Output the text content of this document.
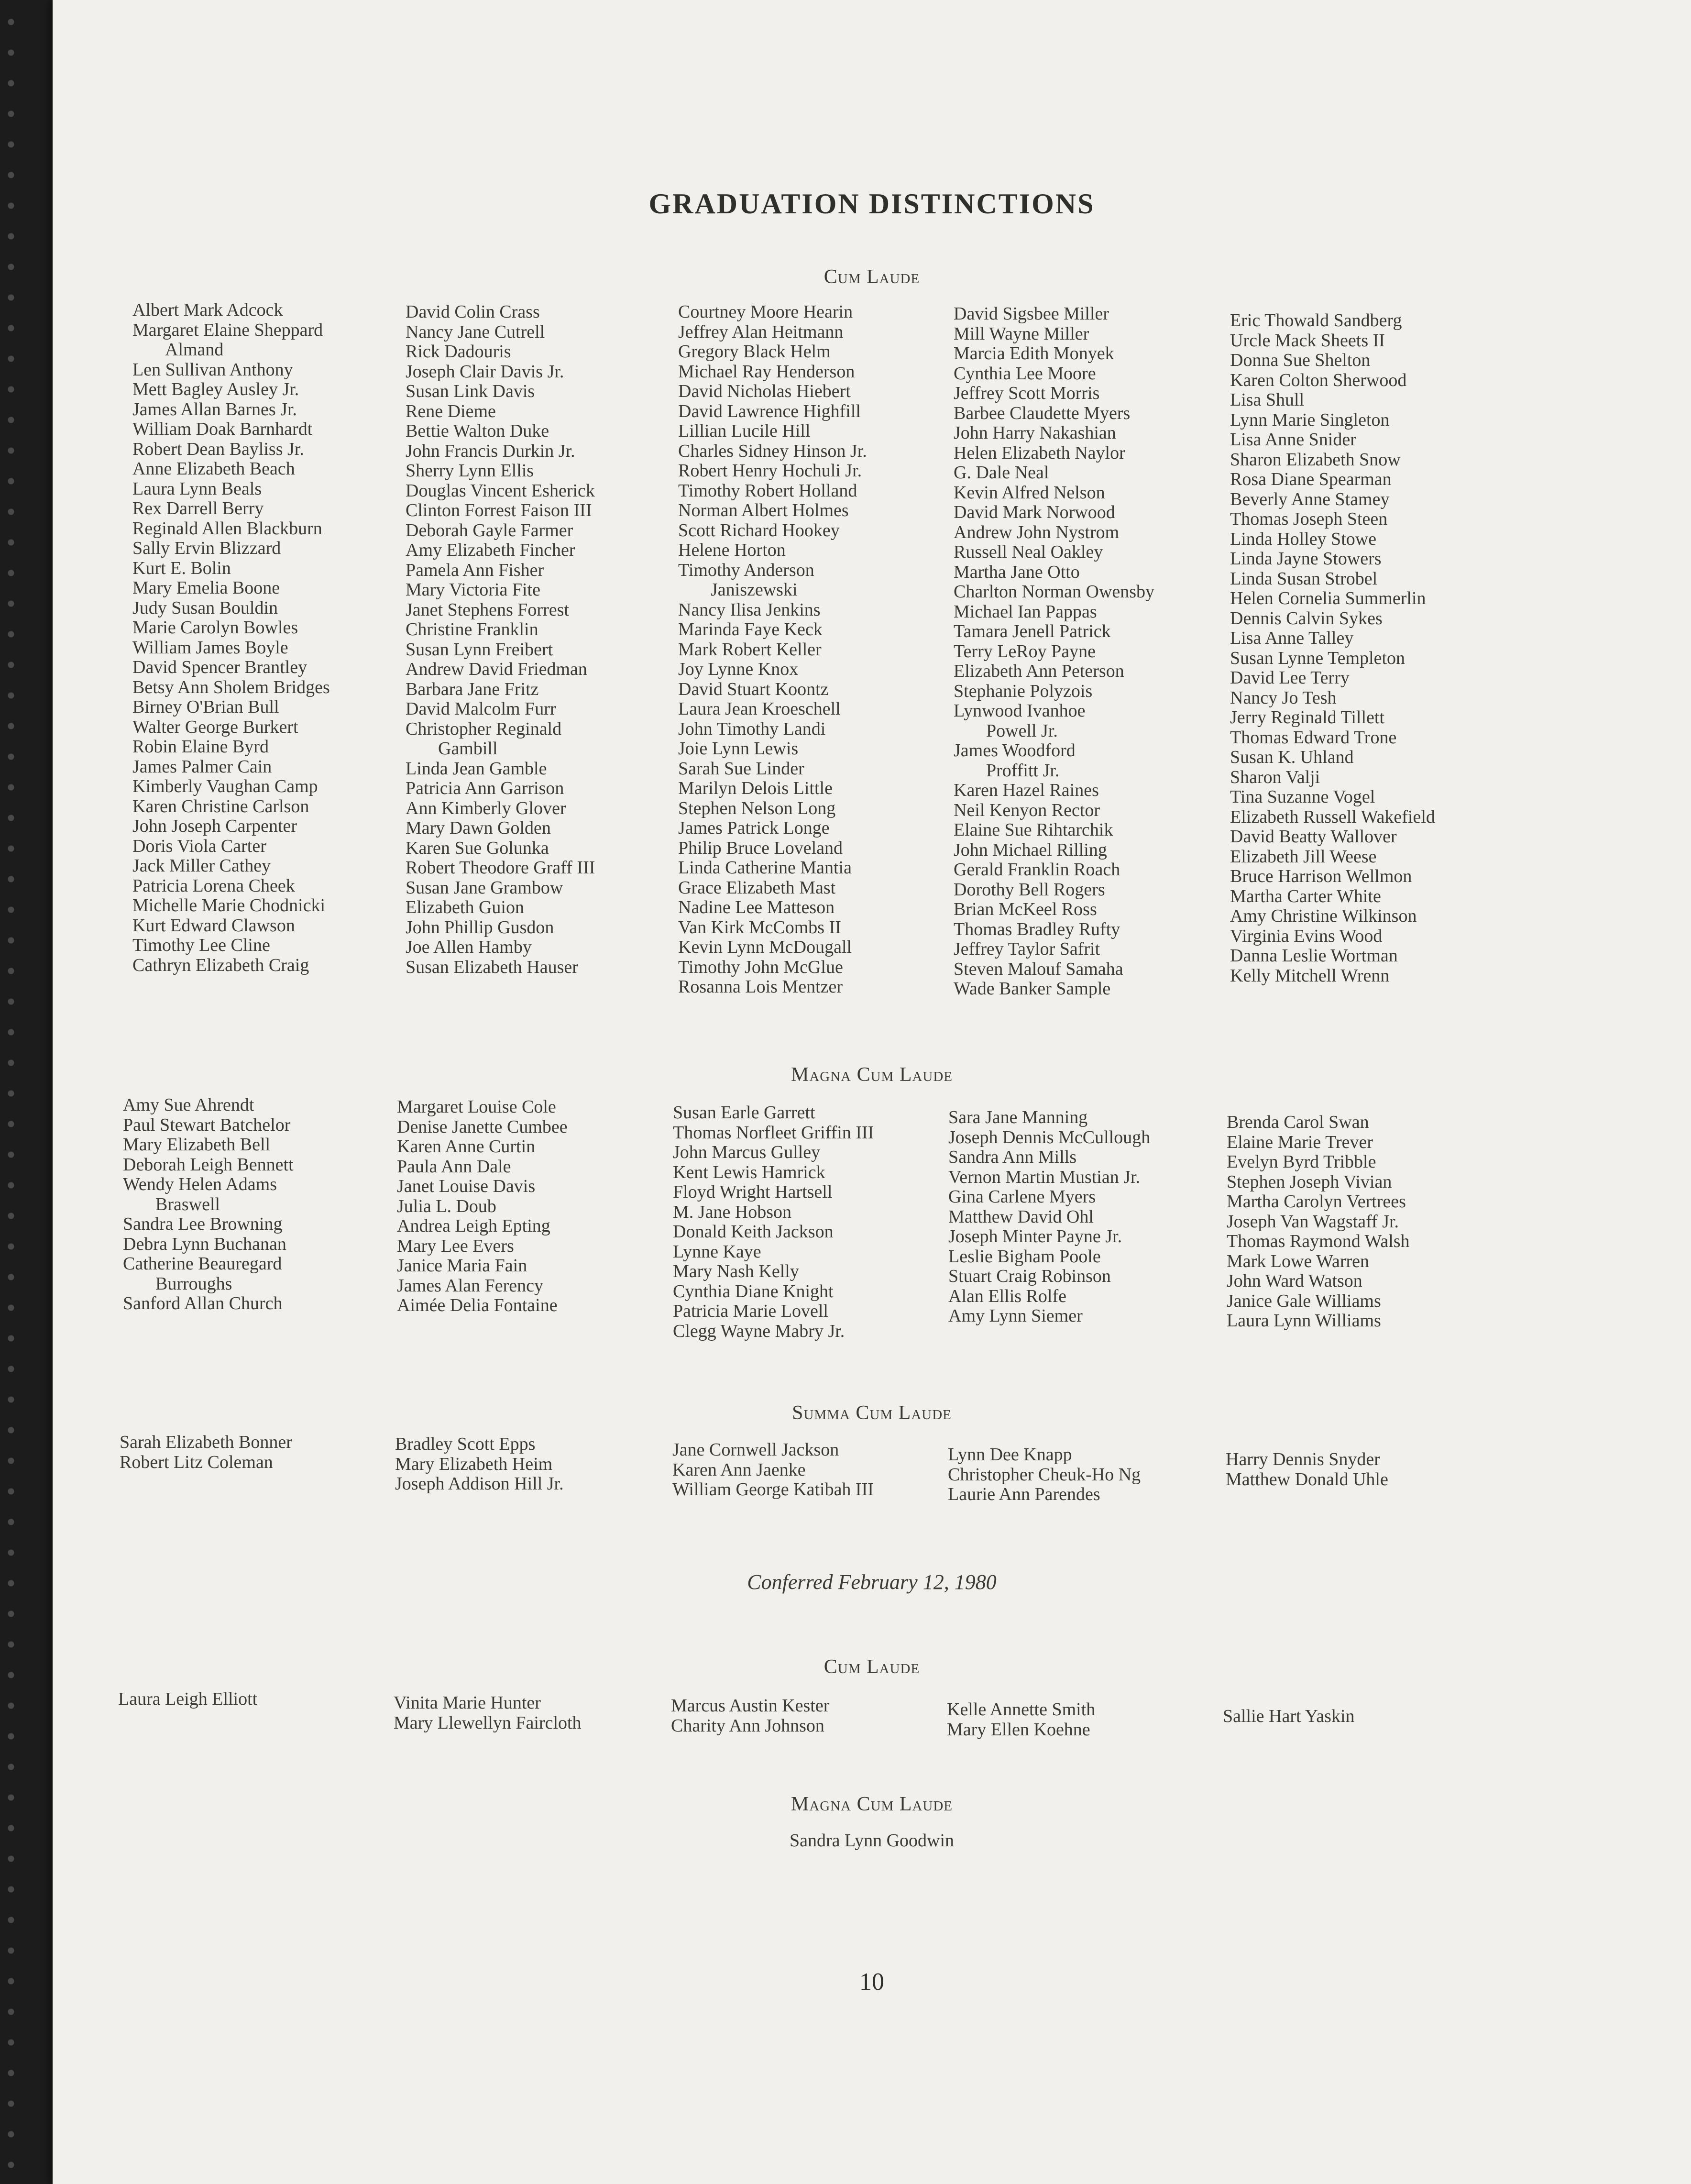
GRADUATION DISTINCTIONS
Cum Laude
Albert Mark Adcock
Margaret Elaine Sheppard
Almand
Len Sullivan Anthony
Mett Bagley Ausley Jr.
James Allan Barnes Jr.
William Doak Barnhardt
Robert Dean Bayliss Jr.
Anne Elizabeth Beach
Laura Lynn Beals
Rex Darrell Berry
Reginald Allen Blackburn
Sally Ervin Blizzard
Kurt E. Bolin
Mary Emelia Boone
Judy Susan Bouldin
Marie Carolyn Bowles
William James Boyle
David Spencer Brantley
Betsy Ann Sholem Bridges
Birney O'Brian Bull
Walter George Burkert
Robin Elaine Byrd
James Palmer Cain
Kimberly Vaughan Camp
Karen Christine Carlson
John Joseph Carpenter
Doris Viola Carter
Jack Miller Cathey
Patricia Lorena Cheek
Michelle Marie Chodnicki
Kurt Edward Clawson
Timothy Lee Cline
Cathryn Elizabeth Craig
David Colin Crass
Nancy Jane Cutrell
Rick Dadouris
Joseph Clair Davis Jr.
Susan Link Davis
Rene Dieme
Bettie Walton Duke
John Francis Durkin Jr.
Sherry Lynn Ellis
Douglas Vincent Esherick
Clinton Forrest Faison III
Deborah Gayle Farmer
Amy Elizabeth Fincher
Pamela Ann Fisher
Mary Victoria Fite
Janet Stephens Forrest
Christine Franklin
Susan Lynn Freibert
Andrew David Friedman
Barbara Jane Fritz
David Malcolm Furr
Christopher Reginald
Gambill
Linda Jean Gamble
Patricia Ann Garrison
Ann Kimberly Glover
Mary Dawn Golden
Karen Sue Golunka
Robert Theodore Graff III
Susan Jane Grambow
Elizabeth Guion
John Phillip Gusdon
Joe Allen Hamby
Susan Elizabeth Hauser
Courtney Moore Hearin
Jeffrey Alan Heitmann
Gregory Black Helm
Michael Ray Henderson
David Nicholas Hiebert
David Lawrence Highfill
Lillian Lucile Hill
Charles Sidney Hinson Jr.
Robert Henry Hochuli Jr.
Timothy Robert Holland
Norman Albert Holmes
Scott Richard Hookey
Helene Horton
Timothy Anderson
Janiszewski
Nancy Ilisa Jenkins
Marinda Faye Keck
Mark Robert Keller
Joy Lynne Knox
David Stuart Koontz
Laura Jean Kroeschell
John Timothy Landi
Joie Lynn Lewis
Sarah Sue Linder
Marilyn Delois Little
Stephen Nelson Long
James Patrick Longe
Philip Bruce Loveland
Linda Catherine Mantia
Grace Elizabeth Mast
Nadine Lee Matteson
Van Kirk McCombs II
Kevin Lynn McDougall
Timothy John McGlue
Rosanna Lois Mentzer
David Sigsbee Miller
Mill Wayne Miller
Marcia Edith Monyek
Cynthia Lee Moore
Jeffrey Scott Morris
Barbee Claudette Myers
John Harry Nakashian
Helen Elizabeth Naylor
G. Dale Neal
Kevin Alfred Nelson
David Mark Norwood
Andrew John Nystrom
Russell Neal Oakley
Martha Jane Otto
Charlton Norman Owensby
Michael Ian Pappas
Tamara Jenell Patrick
Terry LeRoy Payne
Elizabeth Ann Peterson
Stephanie Polyzois
Lynwood Ivanhoe
Powell Jr.
James Woodford
Proffitt Jr.
Karen Hazel Raines
Neil Kenyon Rector
Elaine Sue Rihtarchik
John Michael Rilling
Gerald Franklin Roach
Dorothy Bell Rogers
Brian McKeel Ross
Thomas Bradley Rufty
Jeffrey Taylor Safrit
Steven Malouf Samaha
Wade Banker Sample
Eric Thowald Sandberg
Urcle Mack Sheets II
Donna Sue Shelton
Karen Colton Sherwood
Lisa Shull
Lynn Marie Singleton
Lisa Anne Snider
Sharon Elizabeth Snow
Rosa Diane Spearman
Beverly Anne Stamey
Thomas Joseph Steen
Linda Holley Stowe
Linda Jayne Stowers
Linda Susan Strobel
Helen Cornelia Summerlin
Dennis Calvin Sykes
Lisa Anne Talley
Susan Lynne Templeton
David Lee Terry
Nancy Jo Tesh
Jerry Reginald Tillett
Thomas Edward Trone
Susan K. Uhland
Sharon Valji
Tina Suzanne Vogel
Elizabeth Russell Wakefield
David Beatty Wallover
Elizabeth Jill Weese
Bruce Harrison Wellmon
Martha Carter White
Amy Christine Wilkinson
Virginia Evins Wood
Danna Leslie Wortman
Kelly Mitchell Wrenn
Magna Cum Laude
Amy Sue Ahrendt
Paul Stewart Batchelor
Mary Elizabeth Bell
Deborah Leigh Bennett
Wendy Helen Adams
Braswell
Sandra Lee Browning
Debra Lynn Buchanan
Catherine Beauregard
Burroughs
Sanford Allan Church
Margaret Louise Cole
Denise Janette Cumbee
Karen Anne Curtin
Paula Ann Dale
Janet Louise Davis
Julia L. Doub
Andrea Leigh Epting
Mary Lee Evers
Janice Maria Fain
James Alan Ferency
Aimée Delia Fontaine
Susan Earle Garrett
Thomas Norfleet Griffin III
John Marcus Gulley
Kent Lewis Hamrick
Floyd Wright Hartsell
M. Jane Hobson
Donald Keith Jackson
Lynne Kaye
Mary Nash Kelly
Cynthia Diane Knight
Patricia Marie Lovell
Clegg Wayne Mabry Jr.
Sara Jane Manning
Joseph Dennis McCullough
Sandra Ann Mills
Vernon Martin Mustian Jr.
Gina Carlene Myers
Matthew David Ohl
Joseph Minter Payne Jr.
Leslie Bigham Poole
Stuart Craig Robinson
Alan Ellis Rolfe
Amy Lynn Siemer
Brenda Carol Swan
Elaine Marie Trever
Evelyn Byrd Tribble
Stephen Joseph Vivian
Martha Carolyn Vertrees
Joseph Van Wagstaff Jr.
Thomas Raymond Walsh
Mark Lowe Warren
John Ward Watson
Janice Gale Williams
Laura Lynn Williams
Summa Cum Laude
Sarah Elizabeth Bonner
Robert Litz Coleman
Bradley Scott Epps
Mary Elizabeth Heim
Joseph Addison Hill Jr.
Jane Cornwell Jackson
Karen Ann Jaenke
William George Katibah III
Lynn Dee Knapp
Christopher Cheuk-Ho Ng
Laurie Ann Parendes
Harry Dennis Snyder
Matthew Donald Uhle
Conferred February 12, 1980
Cum Laude
Laura Leigh Elliott	Vinita Marie Hunter
Mary Llewellyn Faircloth
Marcus Austin Kester
Charity Ann Johnson
Kelle Annette Smith
Mary Ellen Koehne
Sallie Hart Yaskin
Magna Cum Laude
Sandra Lynn Goodwin
10
